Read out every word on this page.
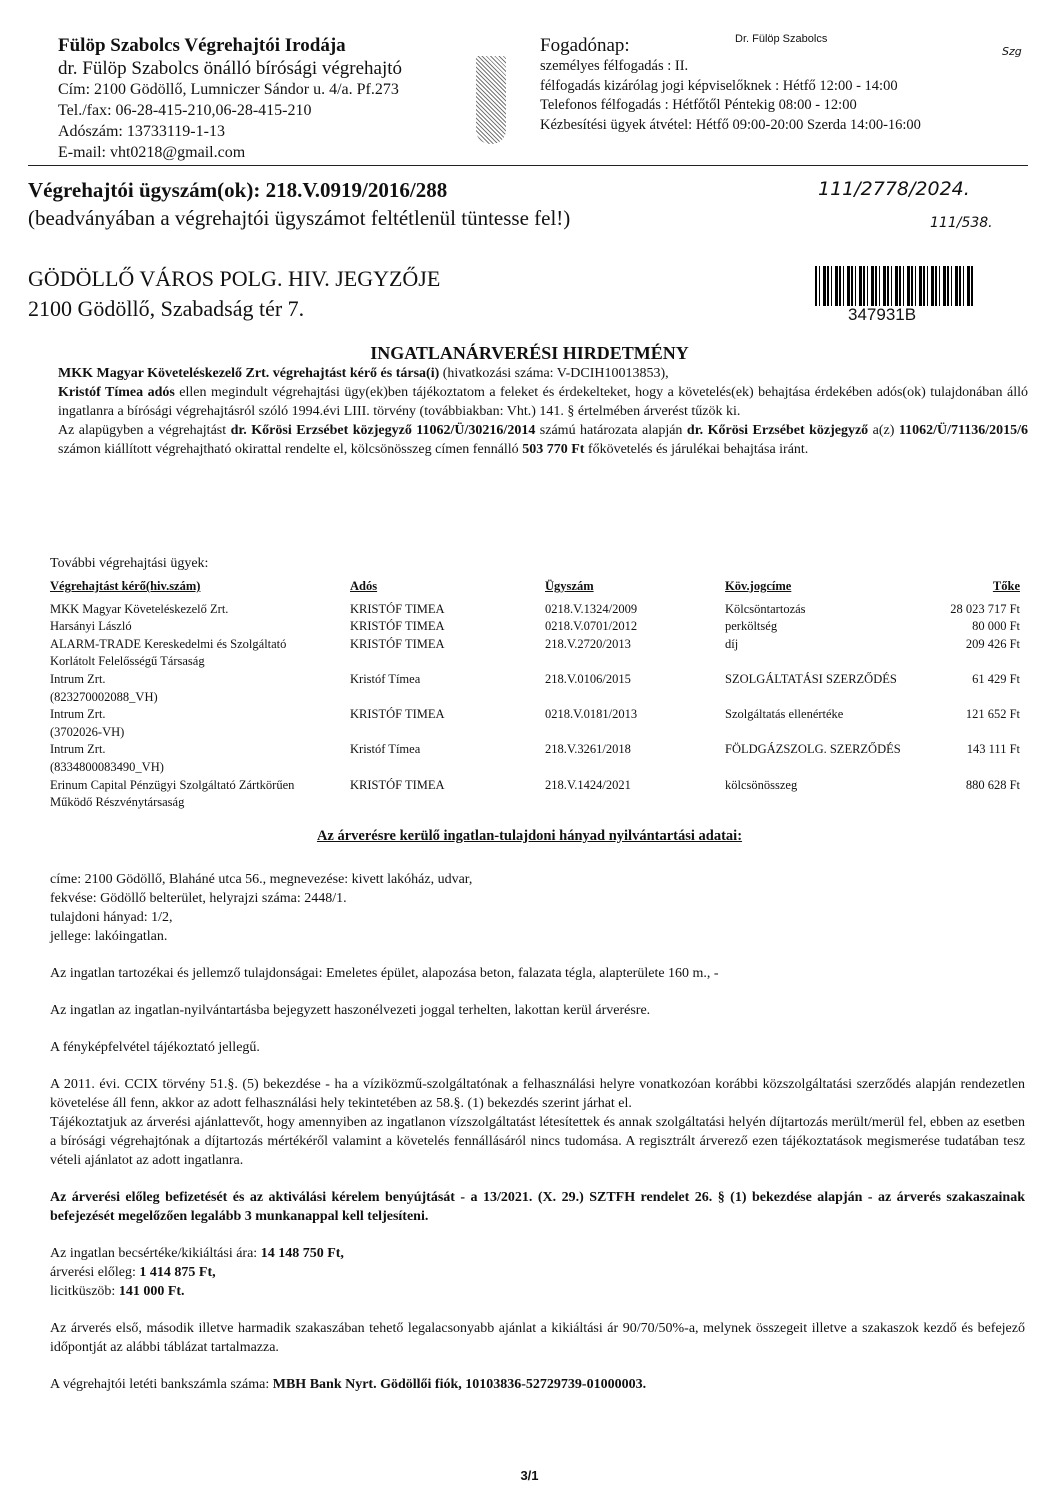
Fülöp Szabolcs Végrehajtói Irodája
dr. Fülöp Szabolcs önálló bírósági végrehajtó
Cím: 2100 Gödöllő, Lumniczer Sándor u. 4/a. Pf.273
Tel./fax: 06-28-415-210,06-28-415-210
Adószám: 13733119-1-13
E-mail: vht0218@gmail.com
Fogadónap:
személyes félfogadás : II.
félfogadás kizárólag jogi képviselőknek : Hétfő 12:00 - 14:00
Telefonos félfogadás : Hétfőtől Péntekig 08:00 - 12:00
Kézbesítési ügyek átvétel: Hétfő 09:00-20:00 Szerda 14:00-16:00
Dr. Fülöp Szabolcs
Szg
Végrehajtói ügyszám(ok): 218.V.0919/2016/288
(beadványában a végrehajtói ügyszámot feltétlenül tüntesse fel!)
111/2778/2024.
111/538.
GÖDÖLLŐ VÁROS POLG. HIV. JEGYZŐJE
2100 Gödöllő, Szabadság tér 7.	347931B
INGATLANÁRVERÉSI HIRDETMÉNY
MKK Magyar Követeléskezelő Zrt. végrehajtást kérő és társa(i) (hivatkozási száma: V-DCIH10013853),
Kristóf Tímea adós ellen megindult végrehajtási ügy(ek)ben tájékoztatom a feleket és érdekelteket, hogy a követelés(ek) behajtása érdekében adós(ok) tulajdonában álló ingatlanra a bírósági végrehajtásról szóló 1994.évi LIII. törvény (továbbiakban: Vht.) 141. § értelmében árverést tűzök ki.
Az alapügyben a végrehajtást dr. Kőrösi Erzsébet közjegyző 11062/Ü/30216/2014 számú határozata alapján dr. Kőrösi Erzsébet közjegyző a(z) 11062/Ü/71136/2015/6 számon kiállított végrehajtható okirattal rendelte el, kölcsönösszeg címen fennálló 503 770 Ft főkövetelés és járulékai behajtása iránt.
További végrehajtási ügyek:
Végrehajtást kérő(hiv.szám)	Adós	Ügyszám	Köv.jogcíme	Tőke
MKK Magyar Követeléskezelő Zrt.	KRISTÓF TIMEA	0218.V.1324/2009	Kölcsöntartozás	28 023 717 Ft
Harsányi László	KRISTÓF TIMEA	0218.V.0701/2012	perköltség	80 000 Ft
ALARM-TRADE Kereskedelmi és Szolgáltató	KRISTÓF TIMEA	218.V.2720/2013	díj	209 426 Ft
Korlátolt Felelősségű Társaság
Intrum Zrt.	Kristóf Tímea	218.V.0106/2015	SZOLGÁLTATÁSI SZERZŐDÉS	61 429 Ft
(823270002088_VH)
Intrum Zrt.	KRISTÓF TIMEA	0218.V.0181/2013	Szolgáltatás ellenértéke	121 652 Ft
(3702026-VH)
Intrum Zrt.	Kristóf Tímea	218.V.3261/2018	FÖLDGÁZSZOLG. SZERZŐDÉS	143 111 Ft
(8334800083490_VH)
Erinum Capital Pénzügyi Szolgáltató Zártkörűen	KRISTÓF TIMEA	218.V.1424/2021	kölcsönösszeg	880 628 Ft
Működő Részvénytársaság
Az árverésre kerülő ingatlan-tulajdoni hányad nyilvántartási adatai:
címe: 2100 Gödöllő, Blaháné utca 56., megnevezése: kivett lakóház, udvar,
fekvése: Gödöllő belterület, helyrajzi száma: 2448/1.
tulajdoni hányad: 1/2,
jellege: lakóingatlan.
Az ingatlan tartozékai és jellemző tulajdonságai: Emeletes épület, alapozása beton, falazata tégla, alapterülete 160 m., -
Az ingatlan az ingatlan-nyilvántartásba bejegyzett haszonélvezeti joggal terhelten, lakottan kerül árverésre.
A fényképfelvétel tájékoztató jellegű.
A 2011. évi. CCIX törvény 51.§. (5) bekezdése - ha a víziközmű-szolgáltatónak a felhasználási helyre vonatkozóan korábbi közszolgáltatási szerződés alapján rendezetlen követelése áll fenn, akkor az adott felhasználási hely tekintetében az 58.§. (1) bekezdés szerint járhat el.
Tájékoztatjuk az árverési ajánlattevőt, hogy amennyiben az ingatlanon vízszolgáltatást létesítettek és annak szolgáltatási helyén díjtartozás merült/merül fel, ebben az esetben a bírósági végrehajtónak a díjtartozás mértékéről valamint a követelés fennállásáról nincs tudomása. A regisztrált árverező ezen tájékoztatások megismerése tudatában tesz vételi ajánlatot az adott ingatlanra.
Az árverési előleg befizetését és az aktiválási kérelem benyújtását - a 13/2021. (X. 29.) SZTFH rendelet 26. § (1) bekezdése alapján - az árverés szakaszainak befejezését megelőzően legalább 3 munkanappal kell teljesíteni.
Az ingatlan becsértéke/kikiáltási ára: 14 148 750 Ft,
árverési előleg: 1 414 875 Ft,
licitküszöb: 141 000 Ft.
Az árverés első, második illetve harmadik szakaszában tehető legalacsonyabb ajánlat a kikiáltási ár 90/70/50%-a, melynek összegeit illetve a szakaszok kezdő és befejező időpontját az alábbi táblázat tartalmazza.
A végrehajtói letéti bankszámla száma: MBH Bank Nyrt. Gödöllői fiók, 10103836-52729739-01000003.
3/1
